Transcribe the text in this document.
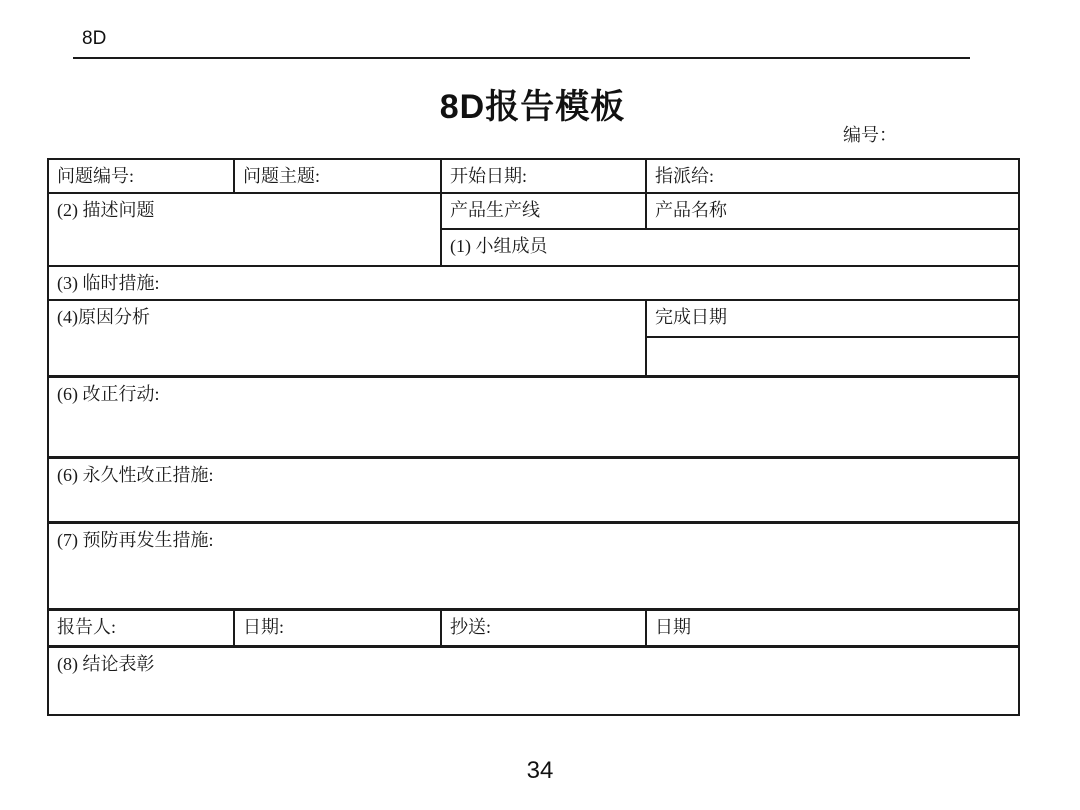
8D
8D报告模板
编号：
问题编号:	问题主题:	开始日期:	指派给:
(2) 描述问题		产品生产线	产品名称
		(1) 小组成员	
(3) 临时措施:			
(4)原因分析			完成日期

(6) 改正行动:			
(6) 永久性改正措施:			
(7) 预防再发生措施:			
报告人:	日期:	抄送:	日期
(8) 结论表彰			
34
